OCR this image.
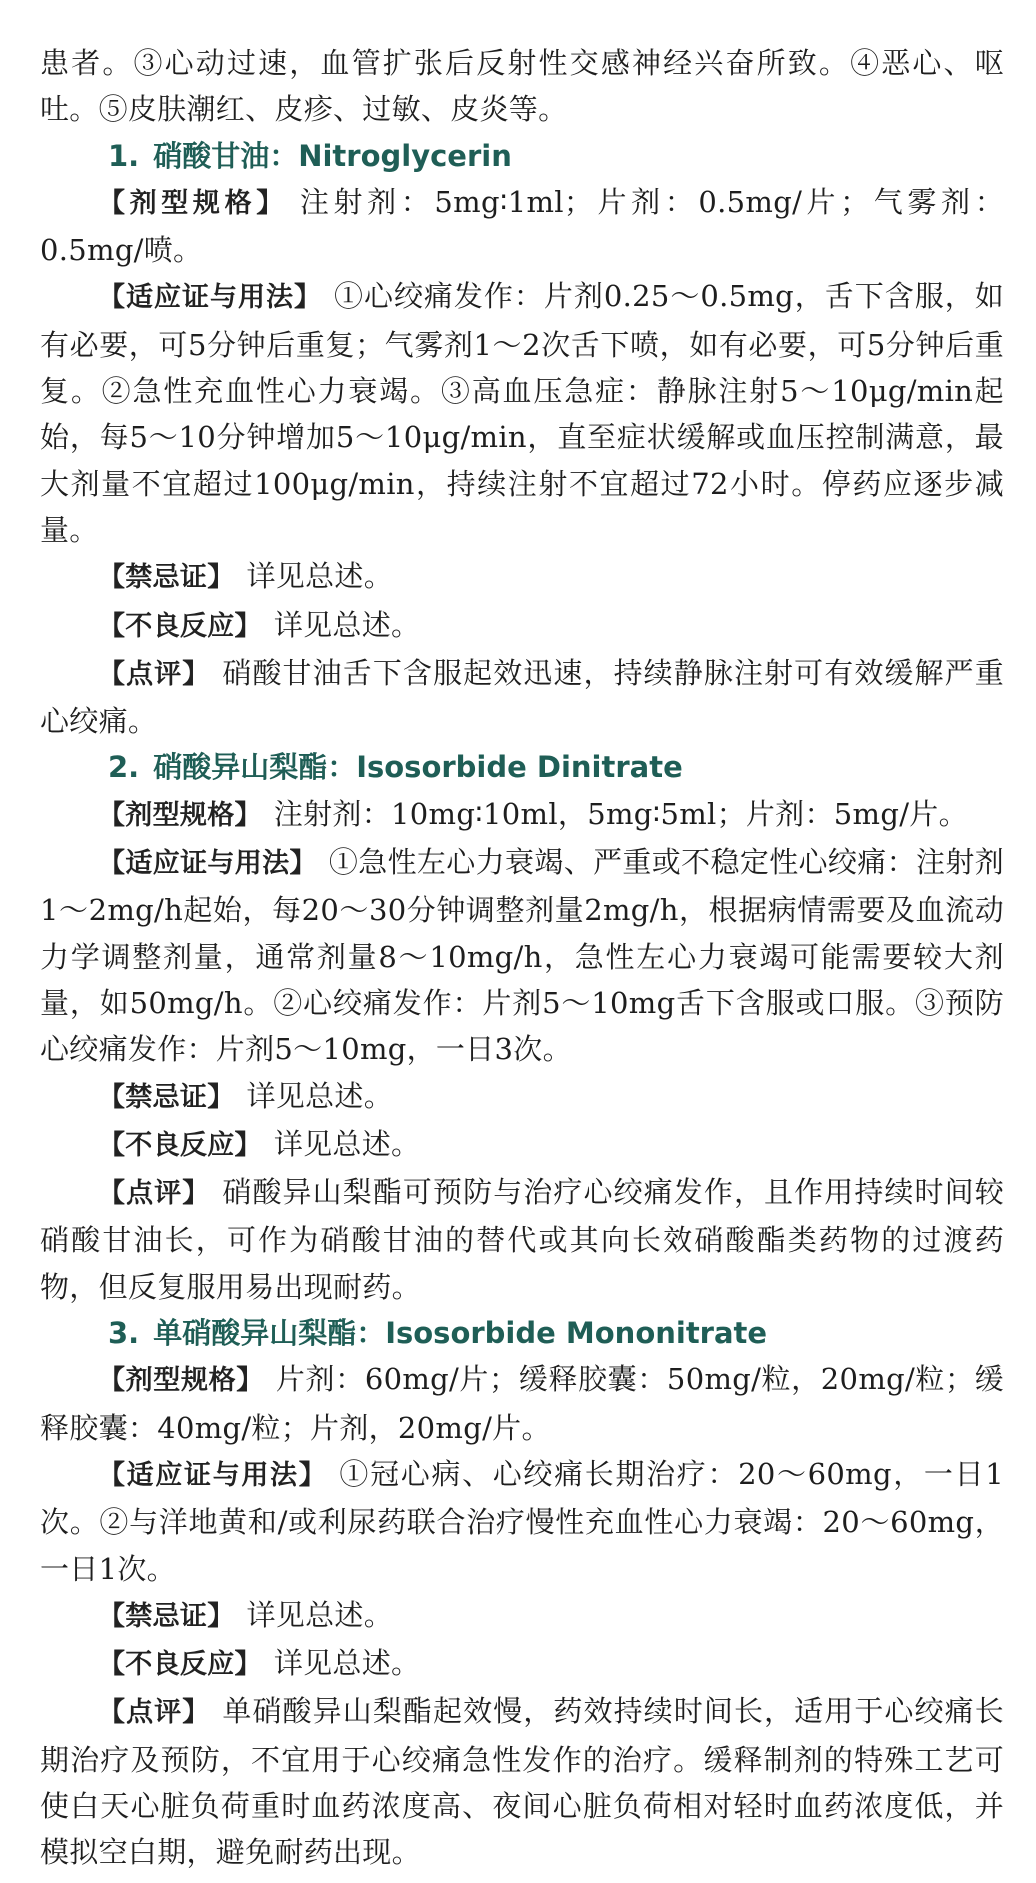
患者。③心动过速，血管扩张后反射性交感神经兴奋所致。④恶心、呕吐。⑤皮肤潮红、皮疹、过敏、皮炎等。

1. 硝酸甘油：Nitroglycerin

【剂型规格】 注射剂：5mg∶1ml；片剂：0.5mg/片；气雾剂：0.5mg/喷。

【适应证与用法】 ①心绞痛发作：片剂0.25～0.5mg，舌下含服，如有必要，可5分钟后重复；气雾剂1～2次舌下喷，如有必要，可5分钟后重复。②急性充血性心力衰竭。③高血压急症：静脉注射5～10μg/min起始，每5～10分钟增加5～10μg/min，直至症状缓解或血压控制满意，最大剂量不宜超过100μg/min，持续注射不宜超过72小时。停药应逐步减量。

【禁忌证】 详见总述。

【不良反应】 详见总述。

【点评】 硝酸甘油舌下含服起效迅速，持续静脉注射可有效缓解严重心绞痛。

2. 硝酸异山梨酯：Isosorbide Dinitrate

【剂型规格】 注射剂：10mg∶10ml，5mg∶5ml；片剂：5mg/片。

【适应证与用法】 ①急性左心力衰竭、严重或不稳定性心绞痛：注射剂1～2mg/h起始，每20～30分钟调整剂量2mg/h，根据病情需要及血流动力学调整剂量，通常剂量8～10mg/h，急性左心力衰竭可能需要较大剂量，如50mg/h。②心绞痛发作：片剂5～10mg舌下含服或口服。③预防心绞痛发作：片剂5～10mg，一日3次。

【禁忌证】 详见总述。

【不良反应】 详见总述。

【点评】 硝酸异山梨酯可预防与治疗心绞痛发作，且作用持续时间较硝酸甘油长，可作为硝酸甘油的替代或其向长效硝酸酯类药物的过渡药物，但反复服用易出现耐药。

3. 单硝酸异山梨酯：Isosorbide Mononitrate

【剂型规格】 片剂：60mg/片；缓释胶囊：50mg/粒，20mg/粒；缓释胶囊：40mg/粒；片剂，20mg/片。

【适应证与用法】 ①冠心病、心绞痛长期治疗：20～60mg，一日1次。②与洋地黄和/或利尿药联合治疗慢性充血性心力衰竭：20～60mg，一日1次。

【禁忌证】 详见总述。

【不良反应】 详见总述。

【点评】 单硝酸异山梨酯起效慢，药效持续时间长，适用于心绞痛长期治疗及预防，不宜用于心绞痛急性发作的治疗。缓释制剂的特殊工艺可使白天心脏负荷重时血药浓度高、夜间心脏负荷相对轻时血药浓度低，并模拟空白期，避免耐药出现。
